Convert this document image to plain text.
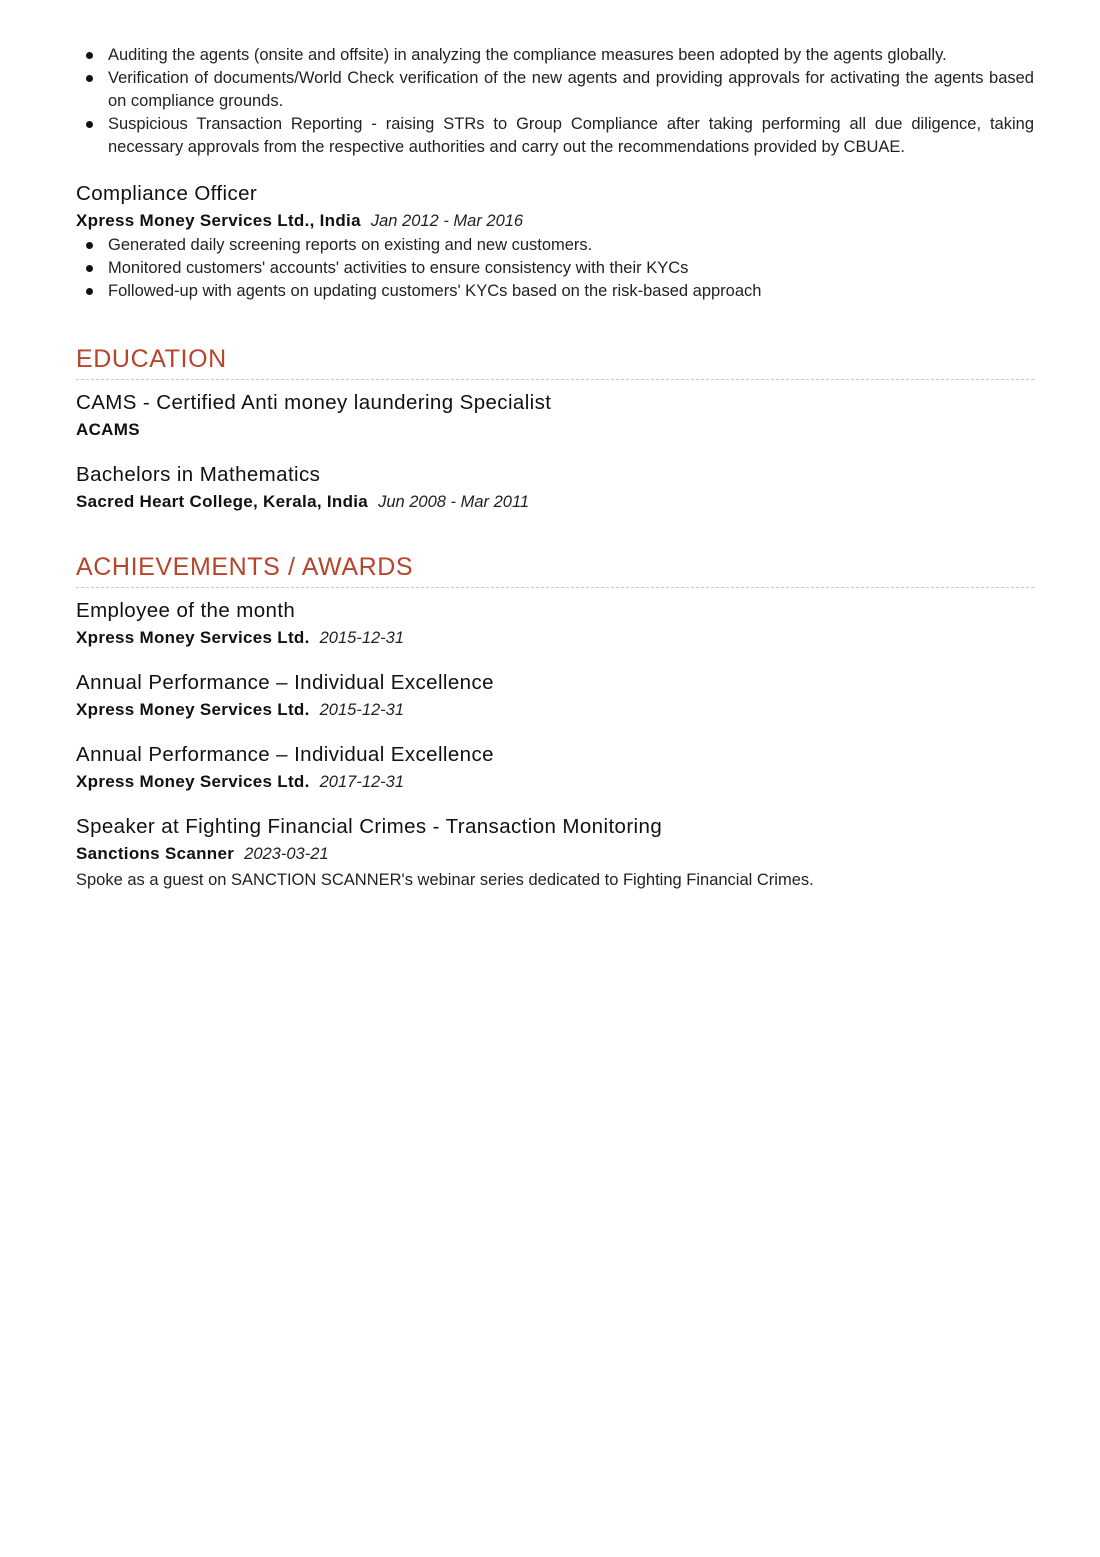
Auditing the agents (onsite and offsite) in analyzing the compliance measures been adopted by the agents globally.
Verification of documents/World Check verification of the new agents and providing approvals for activating the agents based on compliance grounds.
Suspicious Transaction Reporting - raising STRs to Group Compliance after taking performing all due diligence, taking necessary approvals from the respective authorities and carry out the recommendations provided by CBUAE.
Compliance Officer
Xpress Money Services Ltd., India Jan 2012 - Mar 2016
Generated daily screening reports on existing and new customers.
Monitored customers' accounts' activities to ensure consistency with their KYCs
Followed-up with agents on updating customers' KYCs based on the risk-based approach
EDUCATION
CAMS - Certified Anti money laundering Specialist
ACAMS
Bachelors in Mathematics
Sacred Heart College, Kerala, India Jun 2008 - Mar 2011
ACHIEVEMENTS / AWARDS
Employee of the month
Xpress Money Services Ltd. 2015-12-31
Annual Performance – Individual Excellence
Xpress Money Services Ltd. 2015-12-31
Annual Performance – Individual Excellence
Xpress Money Services Ltd. 2017-12-31
Speaker at Fighting Financial Crimes - Transaction Monitoring
Sanctions Scanner 2023-03-21
Spoke as a guest on SANCTION SCANNER's webinar series dedicated to Fighting Financial Crimes.
